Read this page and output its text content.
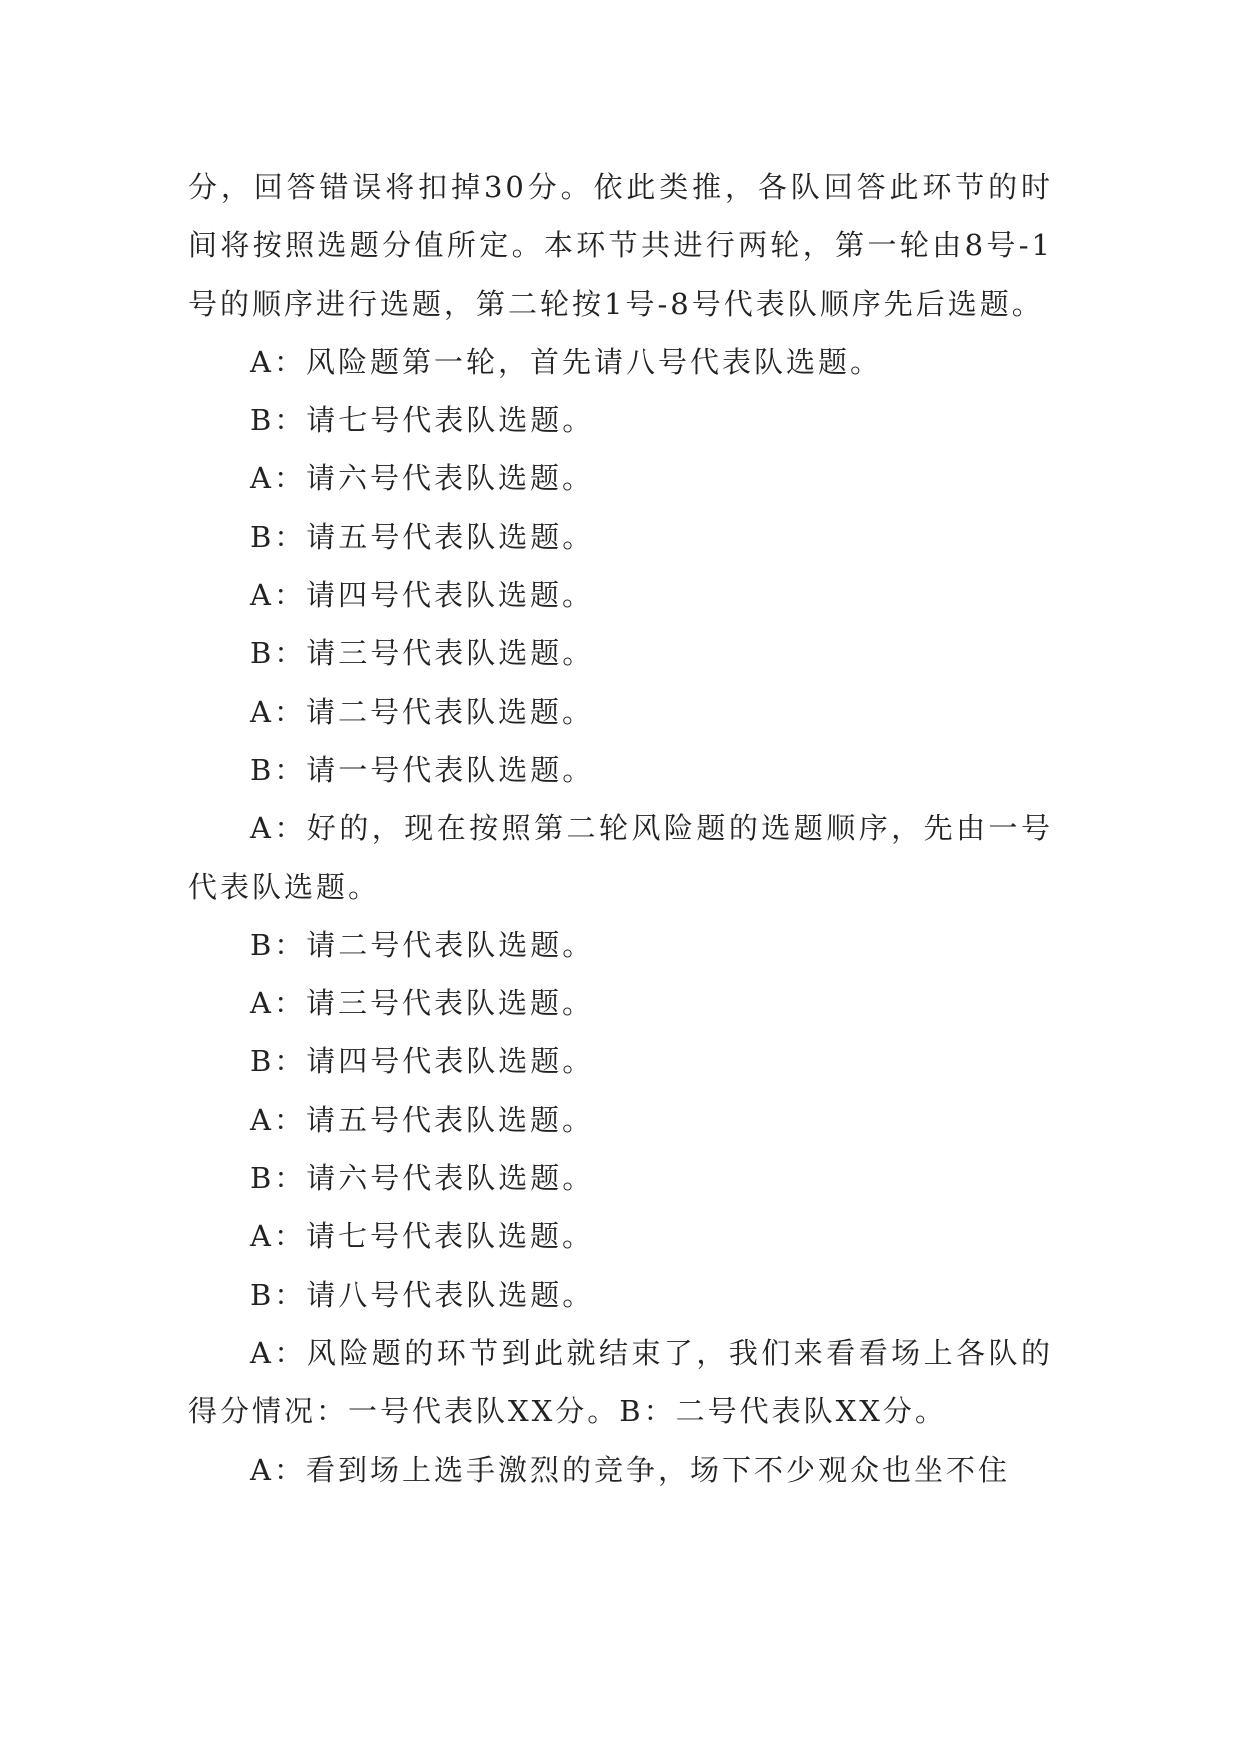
分，回答错误将扣掉30分。依此类推，各队回答此环节的时间将按照选题分值所定。本环节共进行两轮，第一轮由8号-1号的顺序进行选题，第二轮按1号-8号代表队顺序先后选题。

A：风险题第一轮，首先请八号代表队选题。

B：请七号代表队选题。

A：请六号代表队选题。

B：请五号代表队选题。

A：请四号代表队选题。

B：请三号代表队选题。

A：请二号代表队选题。

B：请一号代表队选题。

A：好的，现在按照第二轮风险题的选题顺序，先由一号代表队选题。

B：请二号代表队选题。

A：请三号代表队选题。

B：请四号代表队选题。

A：请五号代表队选题。

B：请六号代表队选题。

A：请七号代表队选题。

B：请八号代表队选题。

A：风险题的环节到此就结束了，我们来看看场上各队的得分情况：一号代表队XX分。B：二号代表队XX分。

A：看到场上选手激烈的竞争，场下不少观众也坐不住
